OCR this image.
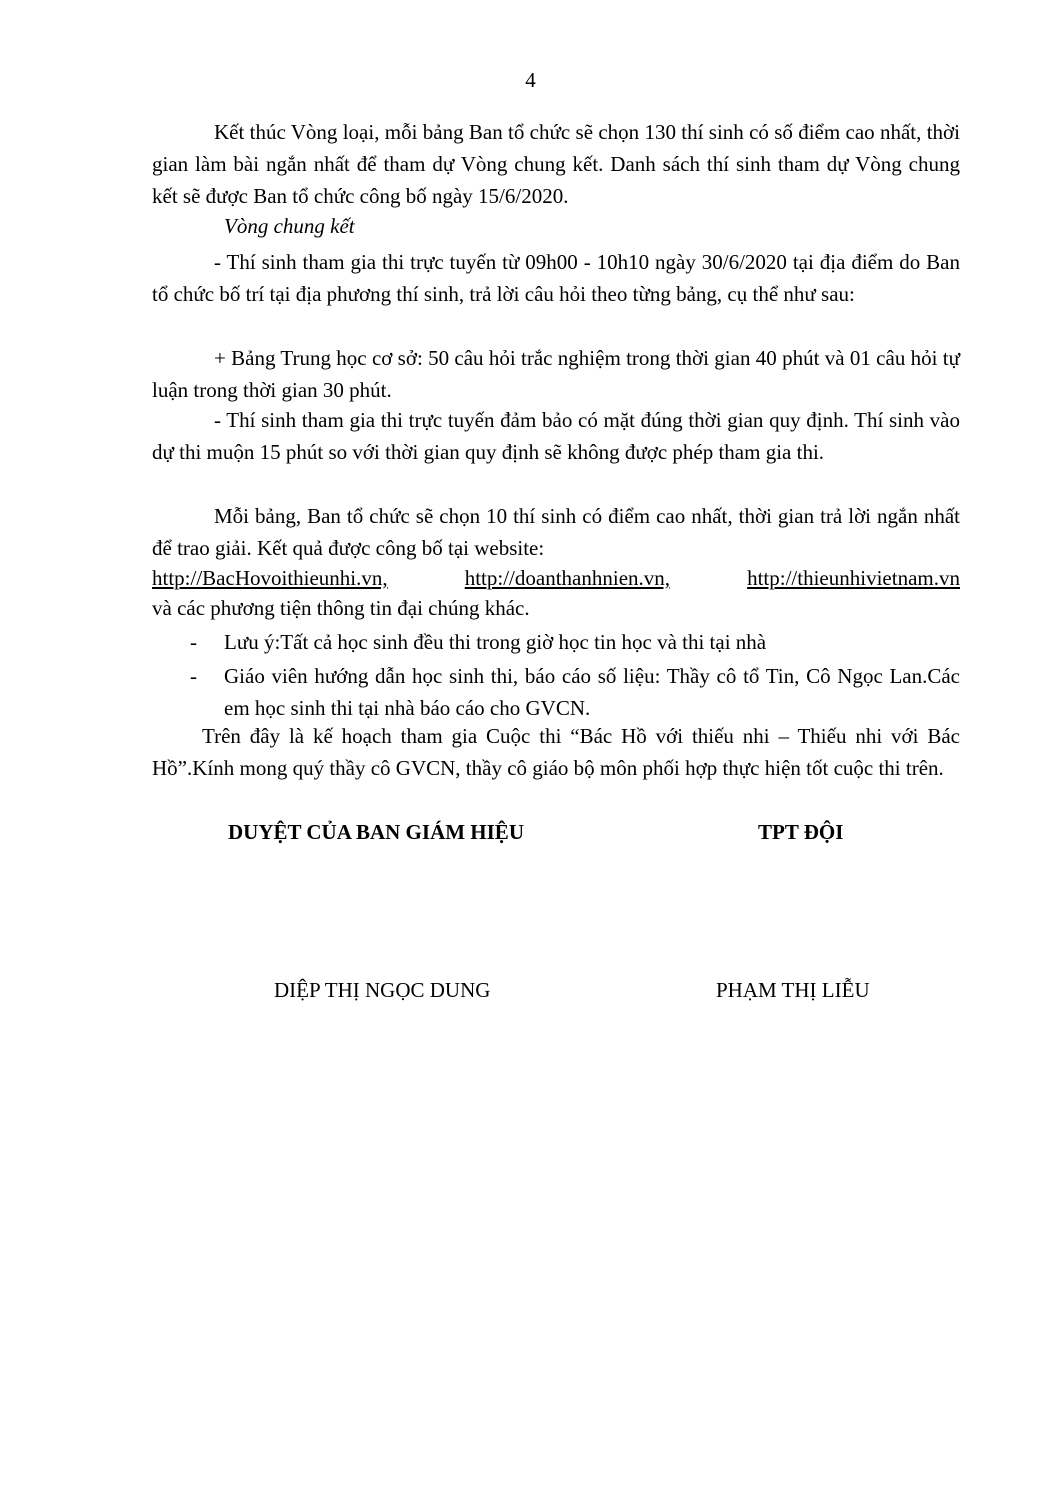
4

Kết thúc Vòng loại, mỗi bảng Ban tổ chức sẽ chọn 130 thí sinh có số điểm cao nhất, thời gian làm bài ngắn nhất để tham dự Vòng chung kết. Danh sách thí sinh tham dự Vòng chung kết sẽ được Ban tổ chức công bố ngày 15/6/2020.

Vòng chung kết

- Thí sinh tham gia thi trực tuyến từ 09h00 - 10h10 ngày 30/6/2020 tại địa điểm do Ban tổ chức bố trí tại địa phương thí sinh, trả lời câu hỏi theo từng bảng, cụ thể như sau:

+ Bảng Trung học cơ sở: 50 câu hỏi trắc nghiệm trong thời gian 40 phút và 01 câu hỏi tự luận trong thời gian 30 phút.

- Thí sinh tham gia thi trực tuyến đảm bảo có mặt đúng thời gian quy định. Thí sinh vào dự thi muộn 15 phút so với thời gian quy định sẽ không được phép tham gia thi.

Mỗi bảng, Ban tổ chức sẽ chọn 10 thí sinh có điểm cao nhất, thời gian trả lời ngắn nhất để trao giải. Kết quả được công bố tại website:

http://BacHovoithieunhi.vn,	http://doanthanhnien.vn,	http://thieunhivietnam.vn
và các phương tiện thông tin đại chúng khác.
-	Lưu ý:Tất cả học sinh đều thi trong giờ học tin học và thi tại nhà
-	Giáo viên hướng dẫn học sinh thi, báo cáo số liệu: Thầy cô tổ Tin, Cô Ngọc Lan.Các em học sinh thi tại nhà báo cáo cho GVCN.

Trên đây là kế hoạch tham gia Cuộc thi “Bác Hồ với thiếu nhi – Thiếu nhi với Bác Hồ”.Kính mong quý thầy cô GVCN, thầy cô giáo bộ môn phối hợp thực hiện tốt cuộc thi trên.

DUYỆT CỦA BAN GIÁM HIỆU	TPT ĐỘI
DIỆP THỊ NGỌC DUNG	PHẠM THỊ LIỄU
